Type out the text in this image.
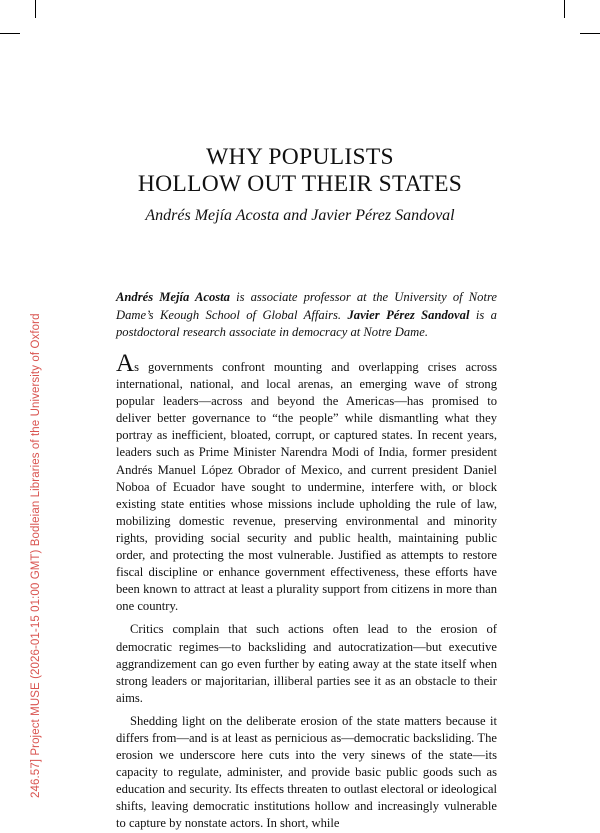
246.57] Project MUSE (2026-01-15 01:00 GMT) Bodleian Libraries of the University of Oxford
WHY POPULISTS
HOLLOW OUT THEIR STATES
Andrés Mejía Acosta and Javier Pérez Sandoval
Andrés Mejía Acosta is associate professor at the University of Notre Dame’s Keough School of Global Affairs. Javier Pérez Sandoval is a postdoctoral research associate in democracy at Notre Dame.

As governments confront mounting and overlapping crises across international, national, and local arenas, an emerging wave of strong popular leaders—across and beyond the Americas—has promised to deliver better governance to “the people” while dismantling what they portray as inefficient, bloated, corrupt, or captured states. In recent years, leaders such as Prime Minister Narendra Modi of India, former president Andrés Manuel López Obrador of Mexico, and current president Daniel Noboa of Ecuador have sought to undermine, interfere with, or block existing state entities whose missions include upholding the rule of law, mobilizing domestic revenue, preserving environmental and minority rights, providing social security and public health, maintaining public order, and protecting the most vulnerable. Justified as attempts to restore fiscal discipline or enhance government effectiveness, these efforts have been known to attract at least a plurality support from citizens in more than one country.

Critics complain that such actions often lead to the erosion of democratic regimes—to backsliding and autocratization—but executive aggrandizement can go even further by eating away at the state itself when strong leaders or majoritarian, illiberal parties see it as an obstacle to their aims.

Shedding light on the deliberate erosion of the state matters because it differs from—and is at least as pernicious as—democratic backsliding. The erosion we underscore here cuts into the very sinews of the state—its capacity to regulate, administer, and provide basic public goods such as education and security. Its effects threaten to outlast electoral or ideological shifts, leaving democratic institutions hollow and increasingly vulnerable to capture by nonstate actors. In short, while
